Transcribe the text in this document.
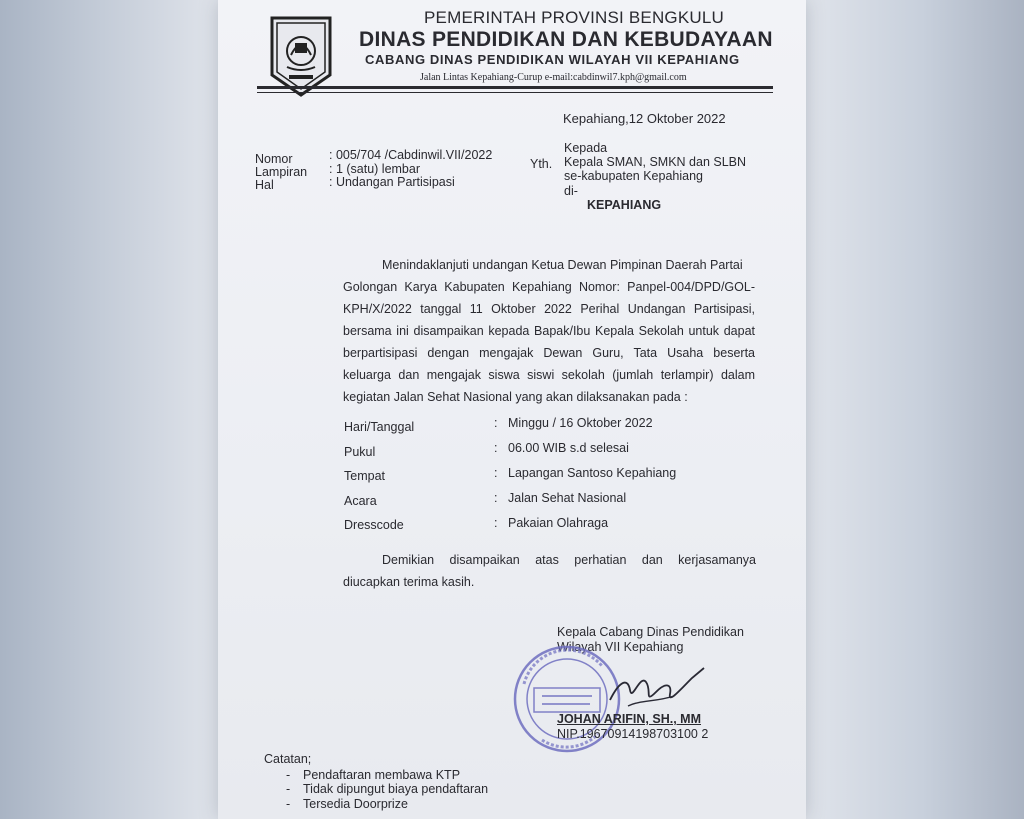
PEMERINTAH PROVINSI BENGKULU
DINAS PENDIDIKAN DAN KEBUDAYAAN
CABANG DINAS PENDIDIKAN WILAYAH VII KEPAHIANG
Jalan Lintas Kepahiang-Curup e-mail:cabdinwil7.kph@gmail.com
Kepahiang,12 Oktober 2022
Nomor	: 005/704 /Cabdinwil.VII/2022
Lampiran : 1 (satu) lembar
Hal	: Undangan Partisipasi
Yth.
Kepada
Kepala SMAN, SMKN dan SLBN
se-kabupaten Kepahiang
di-
KEPAHIANG
Menindaklanjuti undangan Ketua Dewan Pimpinan Daerah Partai
Golongan Karya Kabupaten Kepahiang Nomor: Panpel-004/DPD/GOL-
KPH/X/2022 tanggal 11 Oktober 2022 Perihal Undangan Partisipasi,
bersama ini disampaikan kepada Bapak/Ibu Kepala Sekolah untuk dapat
berpartisipasi dengan mengajak Dewan Guru, Tata Usaha beserta
keluarga dan mengajak siswa siswi sekolah (jumlah terlampir) dalam
kegiatan Jalan Sehat Nasional yang akan dilaksanakan pada :
Hari/Tanggal	: Minggu / 16 Oktober 2022
Pukul	: 06.00 WIB s.d selesai
Tempat	: Lapangan Santoso Kepahiang
Acara	: Jalan Sehat Nasional
Dresscode	: Pakaian Olahraga
Demikian disampaikan atas perhatian dan kerjasamanya
diucapkan terima kasih.
Kepala Cabang Dinas Pendidikan
Wilayah VII Kepahiang
JOHAN ARIFIN, SH., MM
NIP.19670914198703100 2
Catatan;
- Pendaftaran membawa KTP
- Tidak dipungut biaya pendaftaran
- Tersedia Doorprize
